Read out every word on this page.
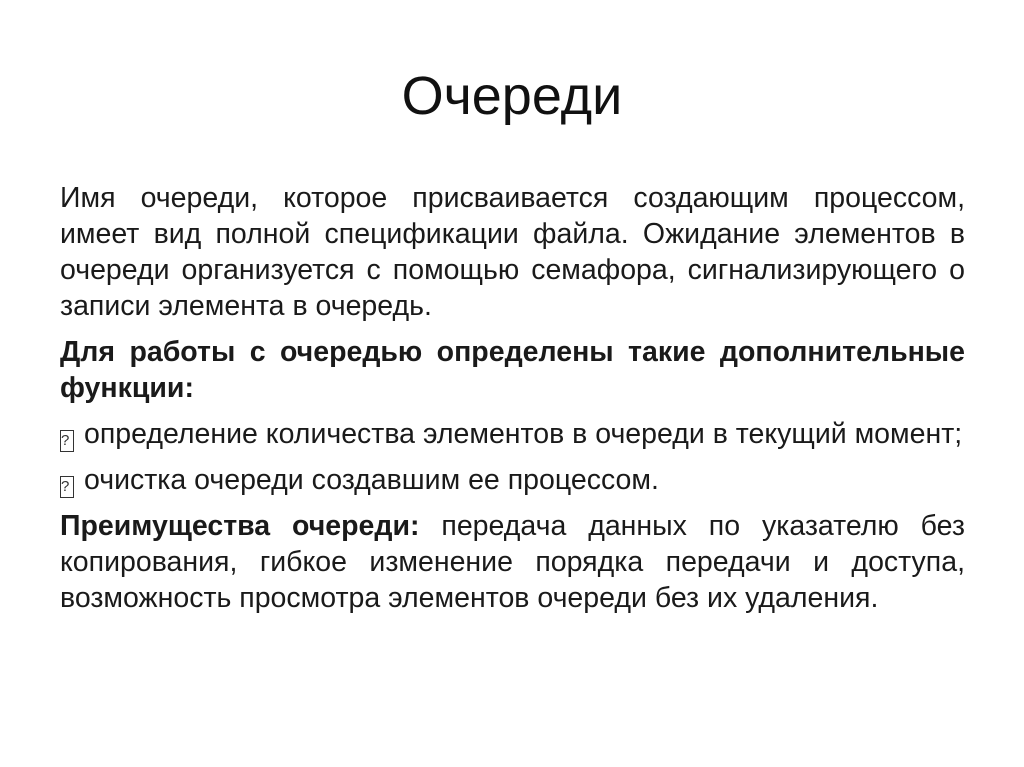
Очереди

Имя очереди, которое присваивается создающим процессом, имеет вид полной спецификации файла. Ожидание элементов в очереди организуется с помощью семафора, сигнализирующего о записи элемента в очередь.

Для работы с очередью определены такие дополнительные функции:

? определение количества элементов в очереди в текущий момент;

? очистка очереди создавшим ее процессом.

Преимущества очереди: передача данных по указателю без копирования, гибкое изменение порядка передачи и доступа, возможность просмотра элементов очереди без их удаления.
